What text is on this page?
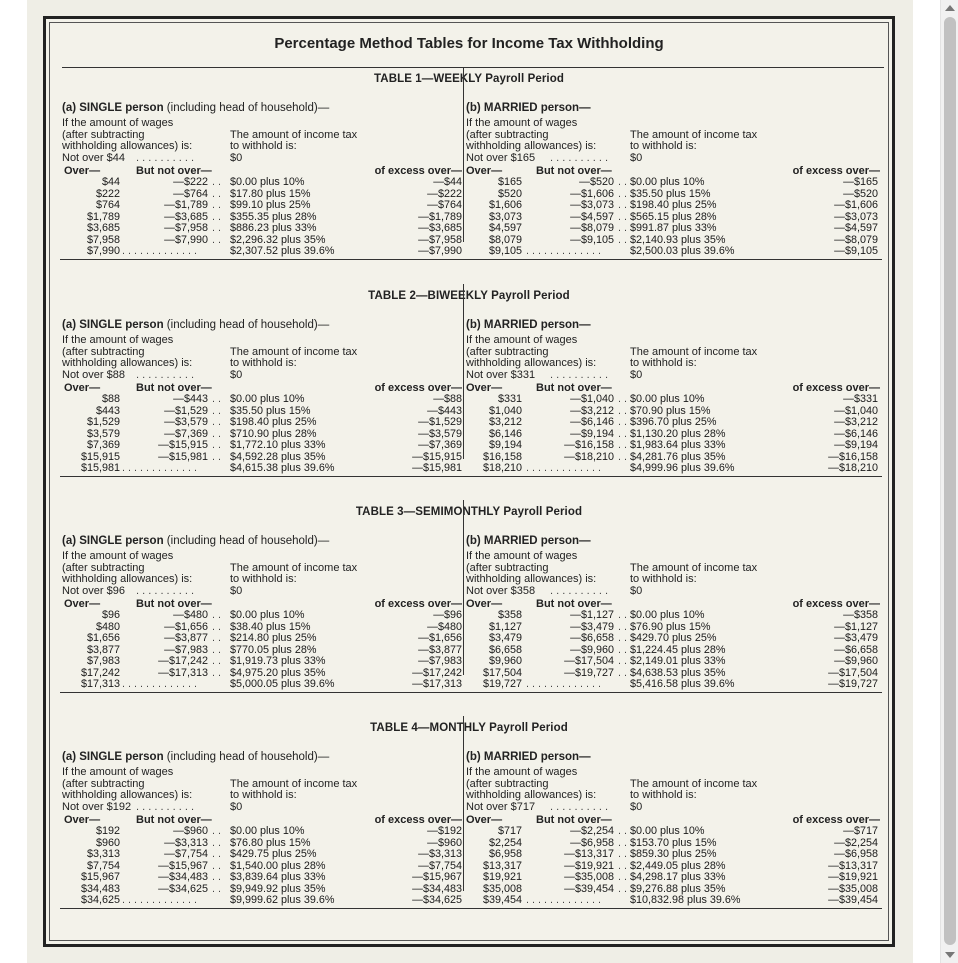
Percentage Method Tables for Income Tax Withholding
TABLE 1—WEEKLY Payroll Period
(a) SINGLE person (including head of household)—
If the amount of wages
(after subtracting
withholding allowances) is:
The amount of income tax
to withhold is:
Not over $44 . . . . . . . . . .	$0
Over—	But not over—	of excess over—
$44	—$222 . . $0.00 plus 10%	—$44
$222	—$764 . . $17.80 plus 15%	—$222
$764	—$1,789 . . $99.10 plus 25%	—$764
$1,789	—$3,685 . . $355.35 plus 28%	—$1,789
$3,685	—$7,958 . . $886.23 plus 33%	—$3,685
$7,958	—$7,990 . . $2,296.32 plus 35%	—$7,958
$7,990 . . . . . . . . . . . . .	$2,307.52 plus 39.6%	—$7,990
(b) MARRIED person—
If the amount of wages
(after subtracting
withholding allowances) is:
The amount of income tax
to withhold is:
Not over $165 . . . . . . . . . . $0
Over—	But not over—	of excess over—
$165	—$520 . . $0.00 plus 10%	—$165
$520	—$1,606 . . $35.50 plus 15%	—$520
$1,606	—$3,073 . . $198.40 plus 25%	—$1,606
$3,073	—$4,597 . . $565.15 plus 28%	—$3,073
$4,597	—$8,079 . . $991.87 plus 33%	—$4,597
$8,079	—$9,105 . . $2,140.93 plus 35%	—$8,079
$9,105 . . . . . . . . . . . . .	$2,500.03 plus 39.6%	—$9,105
TABLE 2—BIWEEKLY Payroll Period
(a) SINGLE person (including head of household)—
If the amount of wages
(after subtracting
withholding allowances) is:
The amount of income tax
to withhold is:
Not over $88 . . . . . . . . . .	$0
Over—	But not over—	of excess over—
$88	—$443 . . $0.00 plus 10%	—$88
$443	—$1,529 . . $35.50 plus 15%	—$443
$1,529	—$3,579 . . $198.40 plus 25%	—$1,529
$3,579	—$7,369 . . $710.90 plus 28%	—$3,579
$7,369	—$15,915 . . $1,772.10 plus 33%	—$7,369
$15,915	—$15,981 . . $4,592.28 plus 35%	—$15,915
$15,981 . . . . . . . . . . . . .	$4,615.38 plus 39.6%	—$15,981
(b) MARRIED person—
If the amount of wages
(after subtracting
withholding allowances) is:
The amount of income tax
to withhold is:
Not over $331 . . . . . . . . . . $0
Over—	But not over—	of excess over—
$331	—$1,040 . . $0.00 plus 10%	—$331
$1,040	—$3,212 . . $70.90 plus 15%	—$1,040
$3,212	—$6,146 . . $396.70 plus 25%	—$3,212
$6,146	—$9,194 . . $1,130.20 plus 28%	—$6,146
$9,194	—$16,158 . . $1,983.64 plus 33%	—$9,194
$16,158	—$18,210 . . $4,281.76 plus 35%	—$16,158
$18,210 . . . . . . . . . . . . .	$4,999.96 plus 39.6%	—$18,210
TABLE 3—SEMIMONTHLY Payroll Period
(a) SINGLE person (including head of household)—
If the amount of wages
(after subtracting
withholding allowances) is:
The amount of income tax
to withhold is:
Not over $96 . . . . . . . . . .	$0
Over—	But not over—	of excess over—
$96	—$480 . . $0.00 plus 10%	—$96
$480	—$1,656 . . $38.40 plus 15%	—$480
$1,656	—$3,877 . . $214.80 plus 25%	—$1,656
$3,877	—$7,983 . . $770.05 plus 28%	—$3,877
$7,983	—$17,242 . . $1,919.73 plus 33%	—$7,983
$17,242	—$17,313 . . $4,975.20 plus 35%	—$17,242
$17,313 . . . . . . . . . . . . .	$5,000.05 plus 39.6%	—$17,313
(b) MARRIED person—
If the amount of wages
(after subtracting
withholding allowances) is:
The amount of income tax
to withhold is:
Not over $358 . . . . . . . . . . $0
Over—	But not over—	of excess over—
$358	—$1,127 . . $0.00 plus 10%	—$358
$1,127	—$3,479 . . $76.90 plus 15%	—$1,127
$3,479	—$6,658 . . $429.70 plus 25%	—$3,479
$6,658	—$9,960 . . $1,224.45 plus 28%	—$6,658
$9,960	—$17,504 . . $2,149.01 plus 33%	—$9,960
$17,504	—$19,727 . . $4,638.53 plus 35%	—$17,504
$19,727 . . . . . . . . . . . . .	$5,416.58 plus 39.6%	—$19,727
TABLE 4—MONTHLY Payroll Period
(a) SINGLE person (including head of household)—
If the amount of wages
(after subtracting
withholding allowances) is:
The amount of income tax
to withhold is:
Not over $192 . . . . . . . . . .	$0
Over—	But not over—	of excess over—
$192	—$960 . . $0.00 plus 10%	—$192
$960	—$3,313 . . $76.80 plus 15%	—$960
$3,313	—$7,754 . . $429.75 plus 25%	—$3,313
$7,754	—$15,967 . . $1,540.00 plus 28%	—$7,754
$15,967	—$34,483 . . $3,839.64 plus 33%	—$15,967
$34,483	—$34,625 . . $9,949.92 plus 35%	—$34,483
$34,625 . . . . . . . . . . . . .	$9,999.62 plus 39.6%	—$34,625
(b) MARRIED person—
If the amount of wages
(after subtracting
withholding allowances) is:
The amount of income tax
to withhold is:
Not over $717 . . . . . . . . . . $0
Over—	But not over—	of excess over—
$717	—$2,254 . . $0.00 plus 10%	—$717
$2,254	—$6,958 . . $153.70 plus 15%	—$2,254
$6,958	—$13,317 . . $859.30 plus 25%	—$6,958
$13,317	—$19,921 . . $2,449.05 plus 28%	—$13,317
$19,921	—$35,008 . . $4,298.17 plus 33%	—$19,921
$35,008	—$39,454 . . $9,276.88 plus 35%	—$35,008
$39,454 . . . . . . . . . . . . .	$10,832.98 plus 39.6%	—$39,454
